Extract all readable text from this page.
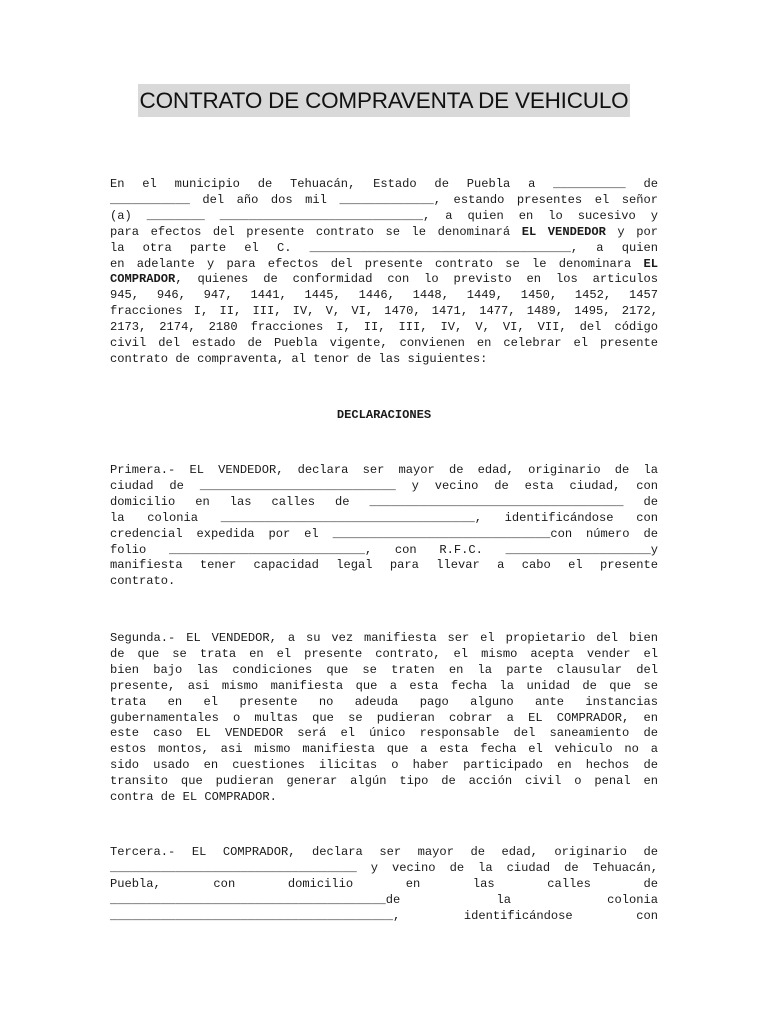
CONTRATO DE COMPRAVENTA DE VEHICULO
En el municipio de Tehuacán, Estado de Puebla a __________ de
___________ del año dos mil _____________, estando presentes el señor
(a) ________ ____________________________, a quien en lo sucesivo y
para efectos del presente contrato se le denominará EL VENDEDOR y por
la otra parte el C. ____________________________________, a quien
en adelante y para efectos del presente contrato se le denominara EL
COMPRADOR, quienes de conformidad con lo previsto en los articulos
945, 946, 947, 1441, 1445, 1446, 1448, 1449, 1450, 1452, 1457
fracciones I, II, III, IV, V, VI, 1470, 1471, 1477, 1489, 1495, 2172,
2173, 2174, 2180 fracciones I, II, III, IV, V, VI, VII, del código
civil del estado de Puebla vigente, convienen en celebrar el presente
contrato de compraventa, al tenor de las siguientes:
DECLARACIONES
Primera.- EL VENDEDOR, declara ser mayor de edad, originario de la
ciudad de ___________________________ y vecino de esta ciudad, con
domicilio en las calles de ___________________________________ de
la colonia ___________________________________, identificándose con
credencial expedida por el ______________________________con número de
folio ___________________________, con R.F.C. ____________________y
manifiesta tener capacidad legal para llevar a cabo el presente
contrato.
Segunda.- EL VENDEDOR, a su vez manifiesta ser el propietario del bien
de que se trata en el presente contrato, el mismo acepta vender el
bien bajo las condiciones que se traten en la parte clausular del
presente, asi mismo manifiesta que a esta fecha la unidad de que se
trata en el presente no adeuda pago alguno ante instancias
gubernamentales o multas que se pudieran cobrar a EL COMPRADOR, en
este caso EL VENDEDOR será el único responsable del saneamiento de
estos montos, asi mismo manifiesta que a esta fecha el vehiculo no a
sido usado en cuestiones ilicitas o haber participado en hechos de
transito que pudieran generar algún tipo de acción civil o penal en
contra de EL COMPRADOR.
Tercera.- EL COMPRADOR, declara ser mayor de edad, originario de
__________________________________ y vecino de la ciudad de Tehuacán,
Puebla, con domicilio en las calles de
______________________________________de la colonia
_______________________________________, identificándose con
